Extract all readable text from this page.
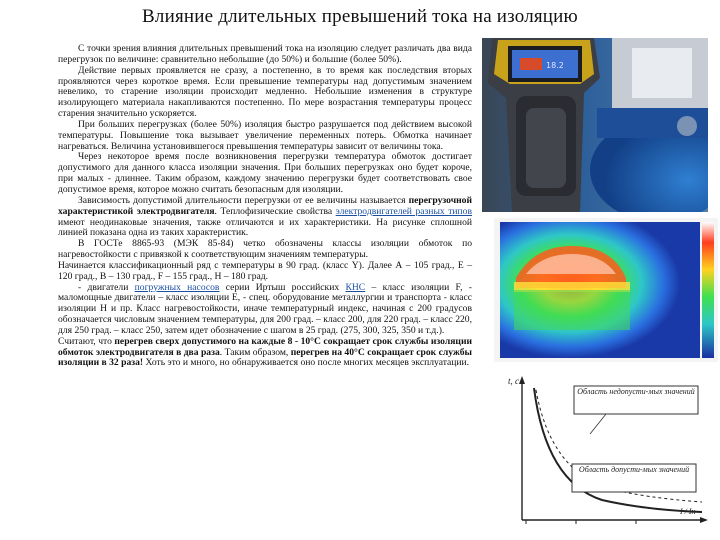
Влияние длительных превышений тока на изоляцию

С точки зрения влияния длительных превышений тока на изоляцию следует различать два вида перегрузок по величине: сравнительно небольшие (до 50%) и большие (более 50%).

Действие первых проявляется не сразу, а постепенно, в то время как последствия вторых проявляются через короткое время. Если превышение температуры над допустимым значением невелико, то старение изоляции происходит медленно. Небольшие изменения в структуре изолирующего материала накапливаются постепенно. По мере возрастания температуры процесс старения значительно ускоряется.

При больших перегрузках (более 50%) изоляция быстро разрушается под действием высокой температуры. Повышение тока вызывает увеличение переменных потерь. Обмотка начинает нагреваться. Величина установившегося превышения температуры зависит от величины тока.

Через некоторое время после возникновения перегрузки температура обмоток достигает допустимого для данного класса изоляции значения. При больших перегрузках оно будет короче, при малых - длиннее. Таким образом, каждому значению перегрузки будет соответствовать свое допустимое время, которое можно считать безопасным для изоляции.

Зависимость допустимой длительности перегрузки от ее величины называется перегрузочной характеристикой электродвигателя. Теплофизические свойства электродвигателей разных типов имеют неодинаковые значения, также отличаются и их характеристики. На рисунке сплошной линией показана одна из таких характеристик.

В ГОСТе 8865-93 (МЭК 85-84) четко обозначены классы изоляции обмоток по нагревостойкости с привязкой к соответствующим значениям температуры.

Начинается классификационный ряд с температуры в 90 град. (класс Y). Далее А – 105 град., Е – 120 град., В – 130 град., F – 155 град., Н – 180 град.

- двигатели погружных насосов серии Иртыш российских КНС – класс изоляции F, - маломощные двигатели – класс изоляции Е, - спец. оборудование металлургии и транспорта - класс изоляции Н и пр. Класс нагревостойкости, иначе температурный индекс, начиная с 200 градусов обозначается числовым значением температуры, для 200 град. – класс 200, для 220 град. – класс 220, для 250 град. – класс 250, затем идет обозначение с шагом в 25 град. (275, 300, 325, 350 и т.д.).

Считают, что перегрев сверх допустимого на каждые 8 - 10°С сокращает срок службы изоляции обмоток электродвигателя в два раза. Таким образом, перегрев на 40°С сокращает срок службы изоляции в 32 раза! Хоть это и много, но обнаруживается оно после многих месяцев эксплуатации.

18.2
t, с
I / Iн
Область недопусти-мых значений
Область допусти-мых значений
